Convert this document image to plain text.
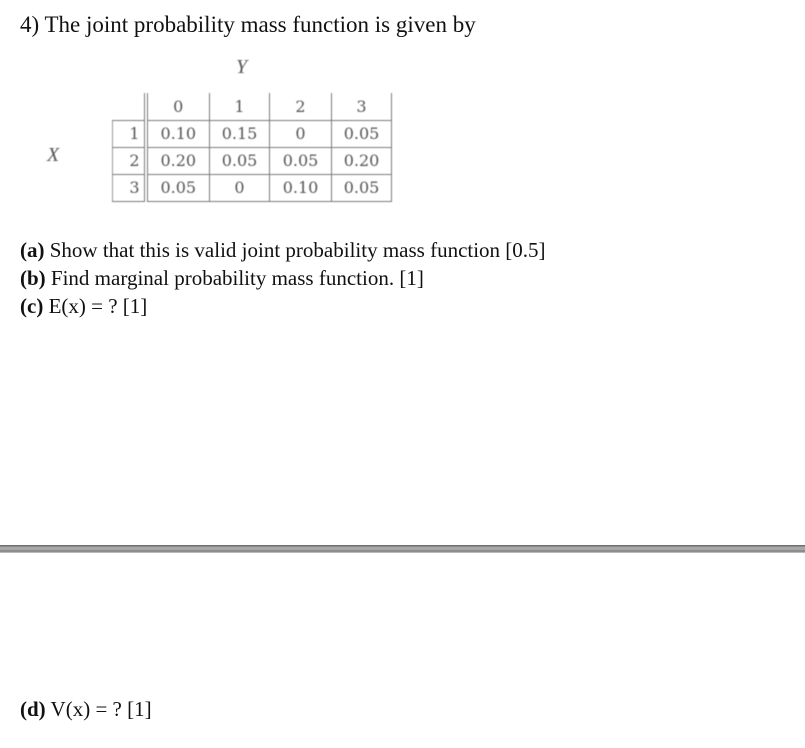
4) The joint probability mass function is given by
Y
X
	0	1	2	3
1	0.10	0.15	0	0.05
2	0.20	0.05	0.05	0.20
3	0.05	0	0.10	0.05
(a) Show that this is valid joint probability mass function [0.5]
(b) Find marginal probability mass function. [1]
(c) E(x) = ? [1]
(d) V(x) = ? [1]
